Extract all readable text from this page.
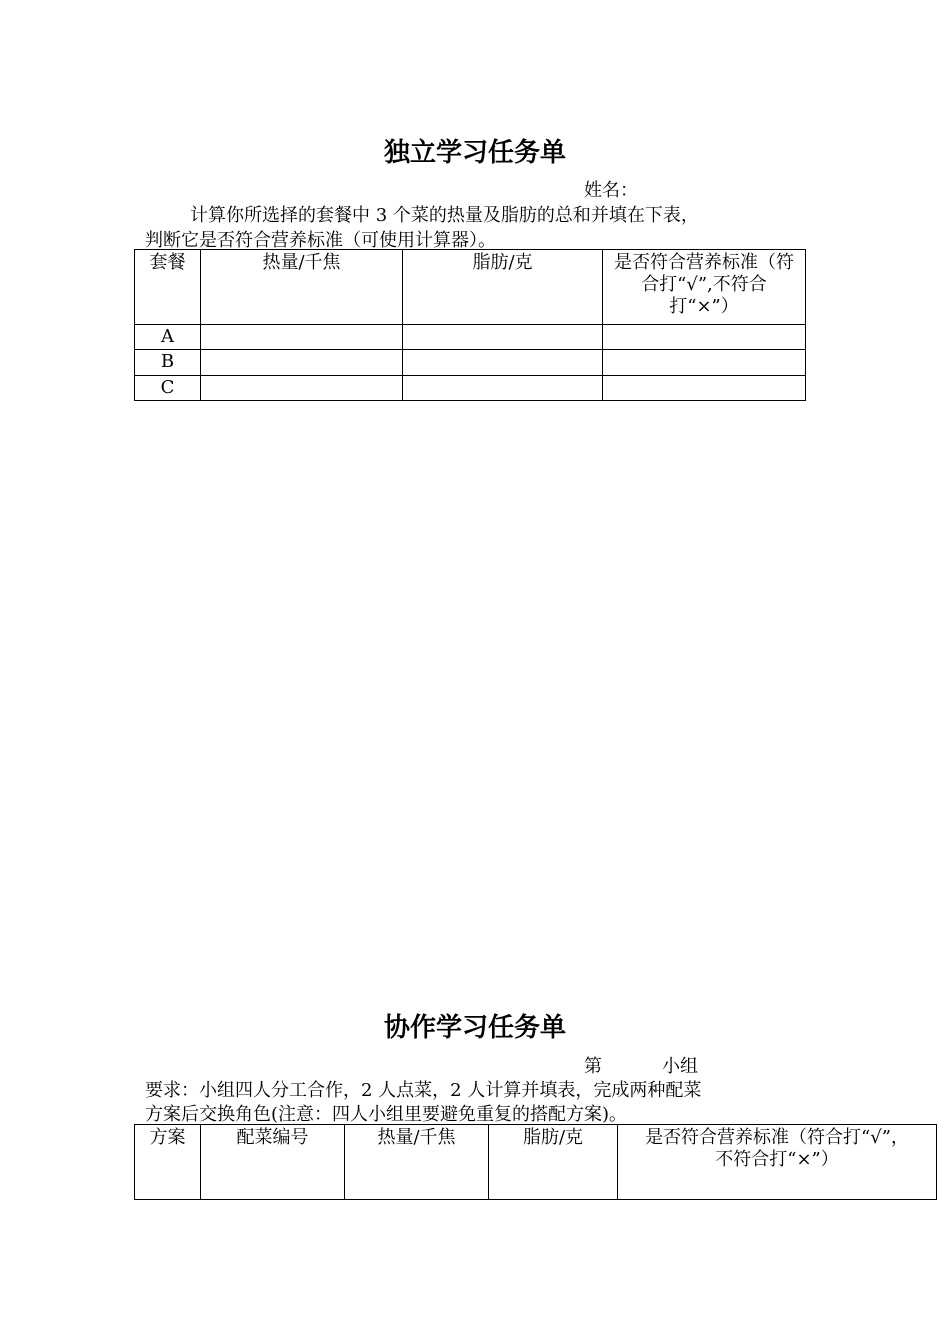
独立学习任务单
姓名：
计算你所选择的套餐中 3 个菜的热量及脂肪的总和并填在下表，
判断它是否符合营养标准（可使用计算器）。
套餐	热量/千焦	脂肪/克	是否符合营养标准（符合打“√”,不符合打“×”）
A			
B			
C			
协作学习任务单
第	小组
要求：小组四人分工合作，2 人点菜，2 人计算并填表，完成两种配菜
方案后交换角色(注意：四人小组里要避免重复的搭配方案)。
方案	配菜编号	热量/千焦	脂肪/克	是否符合营养标准（符合打“√”，不符合打“×”）
